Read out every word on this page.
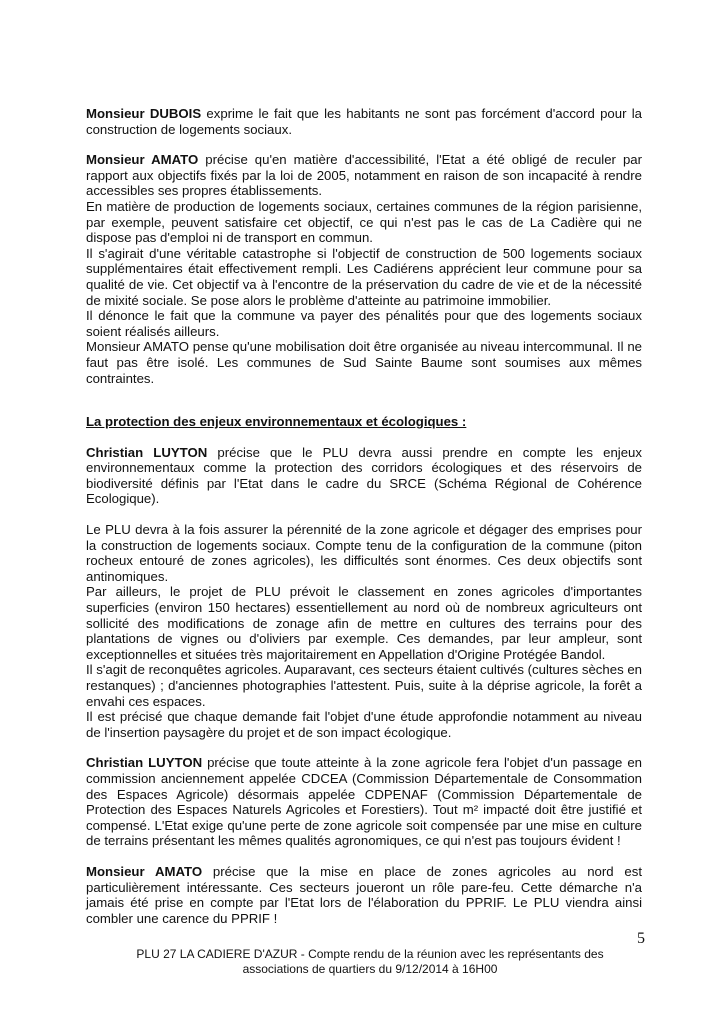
Monsieur DUBOIS exprime le fait que les habitants ne sont pas forcément d'accord pour la construction de logements sociaux.

Monsieur AMATO précise qu'en matière d'accessibilité, l'Etat a été obligé de reculer par rapport aux objectifs fixés par la loi de 2005, notamment en raison de son incapacité à rendre accessibles ses propres établissements.

En matière de production de logements sociaux, certaines communes de la région parisienne, par exemple, peuvent satisfaire cet objectif, ce qui n'est pas le cas de La Cadière qui ne dispose pas d'emploi ni de transport en commun.

Il s'agirait d'une véritable catastrophe si l'objectif de construction de 500 logements sociaux supplémentaires était effectivement rempli. Les Cadiérens apprécient leur commune pour sa qualité de vie. Cet objectif va à l'encontre de la préservation du cadre de vie et de la nécessité de mixité sociale. Se pose alors le problème d'atteinte au patrimoine immobilier.

Il dénonce le fait que la commune va payer des pénalités pour que des logements sociaux soient réalisés ailleurs.

Monsieur AMATO pense qu'une mobilisation doit être organisée au niveau intercommunal. Il ne faut pas être isolé. Les communes de Sud Sainte Baume sont soumises aux mêmes contraintes.

La protection des enjeux environnementaux et écologiques :

Christian LUYTON précise que le PLU devra aussi prendre en compte les enjeux environnementaux comme la protection des corridors écologiques et des réservoirs de biodiversité définis par l'Etat dans le cadre du SRCE (Schéma Régional de Cohérence Ecologique).

Le PLU devra à la fois assurer la pérennité de la zone agricole et dégager des emprises pour la construction de logements sociaux. Compte tenu de la configuration de la commune (piton rocheux entouré de zones agricoles), les difficultés sont énormes. Ces deux objectifs sont antinomiques.

Par ailleurs, le projet de PLU prévoit le classement en zones agricoles d'importantes superficies (environ 150 hectares) essentiellement au nord où de nombreux agriculteurs ont sollicité des modifications de zonage afin de mettre en cultures des terrains pour des plantations de vignes ou d'oliviers par exemple. Ces demandes, par leur ampleur, sont exceptionnelles et situées très majoritairement en Appellation d'Origine Protégée Bandol.

Il s'agit de reconquêtes agricoles. Auparavant, ces secteurs étaient cultivés (cultures sèches en restanques) ; d'anciennes photographies l'attestent. Puis, suite à la déprise agricole, la forêt a envahi ces espaces.

Il est précisé que chaque demande fait l'objet d'une étude approfondie notamment au niveau de l'insertion paysagère du projet et de son impact écologique.

Christian LUYTON précise que toute atteinte à la zone agricole fera l'objet d'un passage en commission anciennement appelée CDCEA (Commission Départementale de Consommation des Espaces Agricole) désormais appelée CDPENAF (Commission Départementale de Protection des Espaces Naturels Agricoles et Forestiers). Tout m² impacté doit être justifié et compensé. L'Etat exige qu'une perte de zone agricole soit compensée par une mise en culture de terrains présentant les mêmes qualités agronomiques, ce qui n'est pas toujours évident !

Monsieur AMATO précise que la mise en place de zones agricoles au nord est particulièrement intéressante. Ces secteurs joueront un rôle pare-feu. Cette démarche n'a jamais été prise en compte par l'Etat lors de l'élaboration du PPRIF. Le PLU viendra ainsi combler une carence du PPRIF !

5
PLU 27 LA CADIERE D'AZUR - Compte rendu de la réunion avec les représentants des
associations de quartiers du 9/12/2014 à 16H00
